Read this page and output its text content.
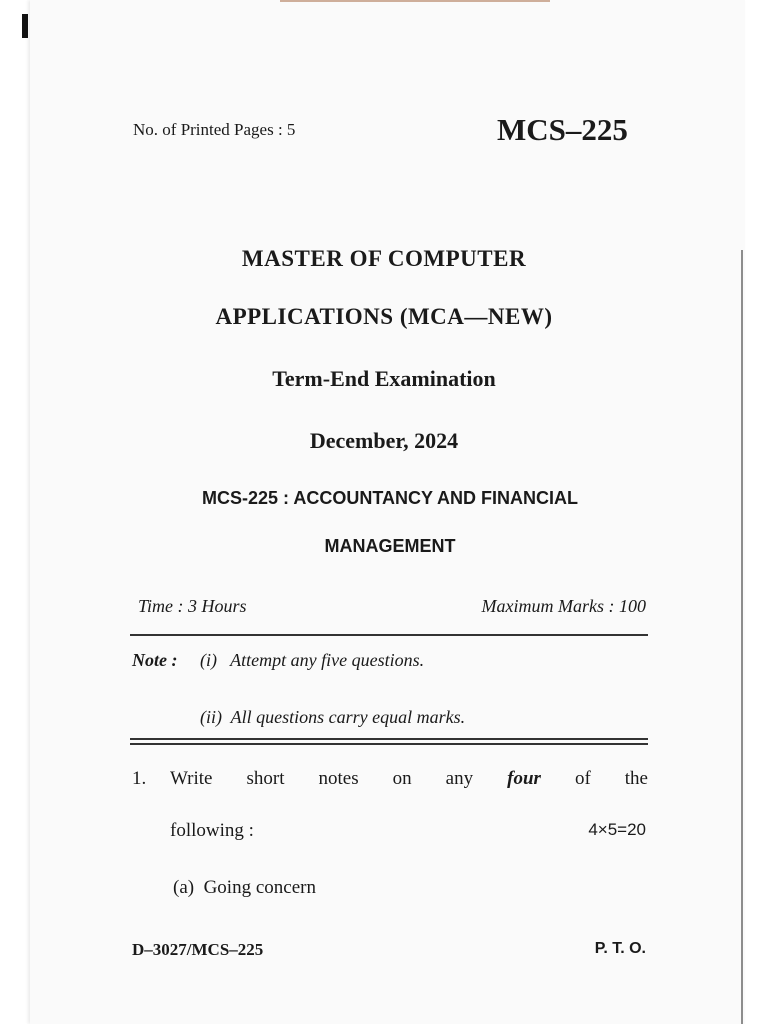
No. of Printed Pages : 5	MCS–225
MASTER OF COMPUTER
APPLICATIONS (MCA—NEW)
Term-End Examination
December, 2024
MCS-225 : ACCOUNTANCY AND FINANCIAL
MANAGEMENT
Time : 3 Hours	Maximum Marks : 100
Note : (i)   Attempt any five questions.
(ii)  All questions carry equal marks.
1. Write short notes on any four of the
following :	4×5=20
(a)  Going concern
D–3027/MCS–225	P. T. O.
